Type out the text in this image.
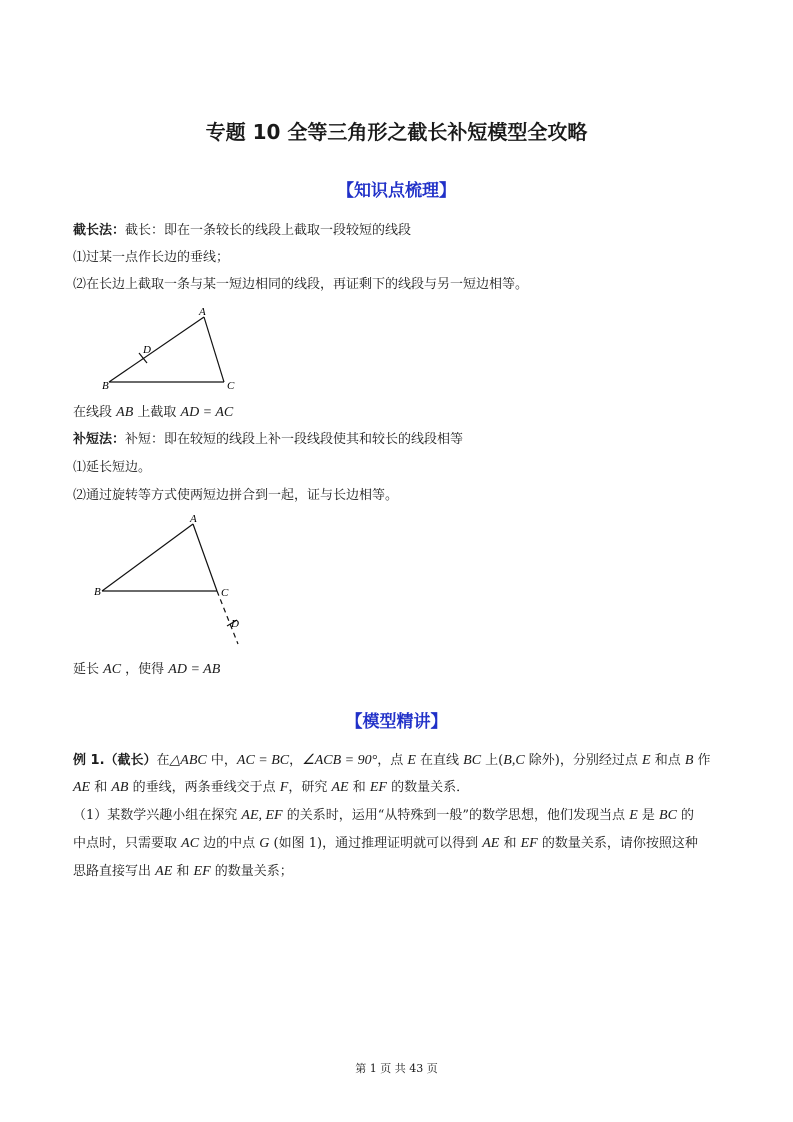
专题 10 全等三角形之截长补短模型全攻略
【知识点梳理】
截长法：截长：即在一条较长的线段上截取一段较短的线段
⑴过某一点作长边的垂线；
⑵在长边上截取一条与某一短边相同的线段，再证剩下的线段与另一短边相等。
A
D
B	C
在线段 AB 上截取 AD = AC
补短法：补短：即在较短的线段上补一段线段使其和较长的线段相等
⑴延长短边。
⑵通过旋转等方式使两短边拼合到一起，证与长边相等。
A
B	C
D
延长 AC ，使得 AD = AB
【模型精讲】
例 1.（截长）在△ABC 中，AC = BC，∠ACB = 90°，点 E 在直线 BC 上(B,C 除外)，分别经过点 E 和点 B 作
AE 和 AB 的垂线，两条垂线交于点 F，研究 AE 和 EF 的数量关系．
（1）某数学兴趣小组在探究 AE, EF 的关系时，运用“从特殊到一般”的数学思想，他们发现当点 E 是 BC 的
中点时，只需要取 AC 边的中点 G (如图 1)，通过推理证明就可以得到 AE 和 EF 的数量关系，请你按照这种
思路直接写出 AE 和 EF 的数量关系；
第 1 页 共 43 页
